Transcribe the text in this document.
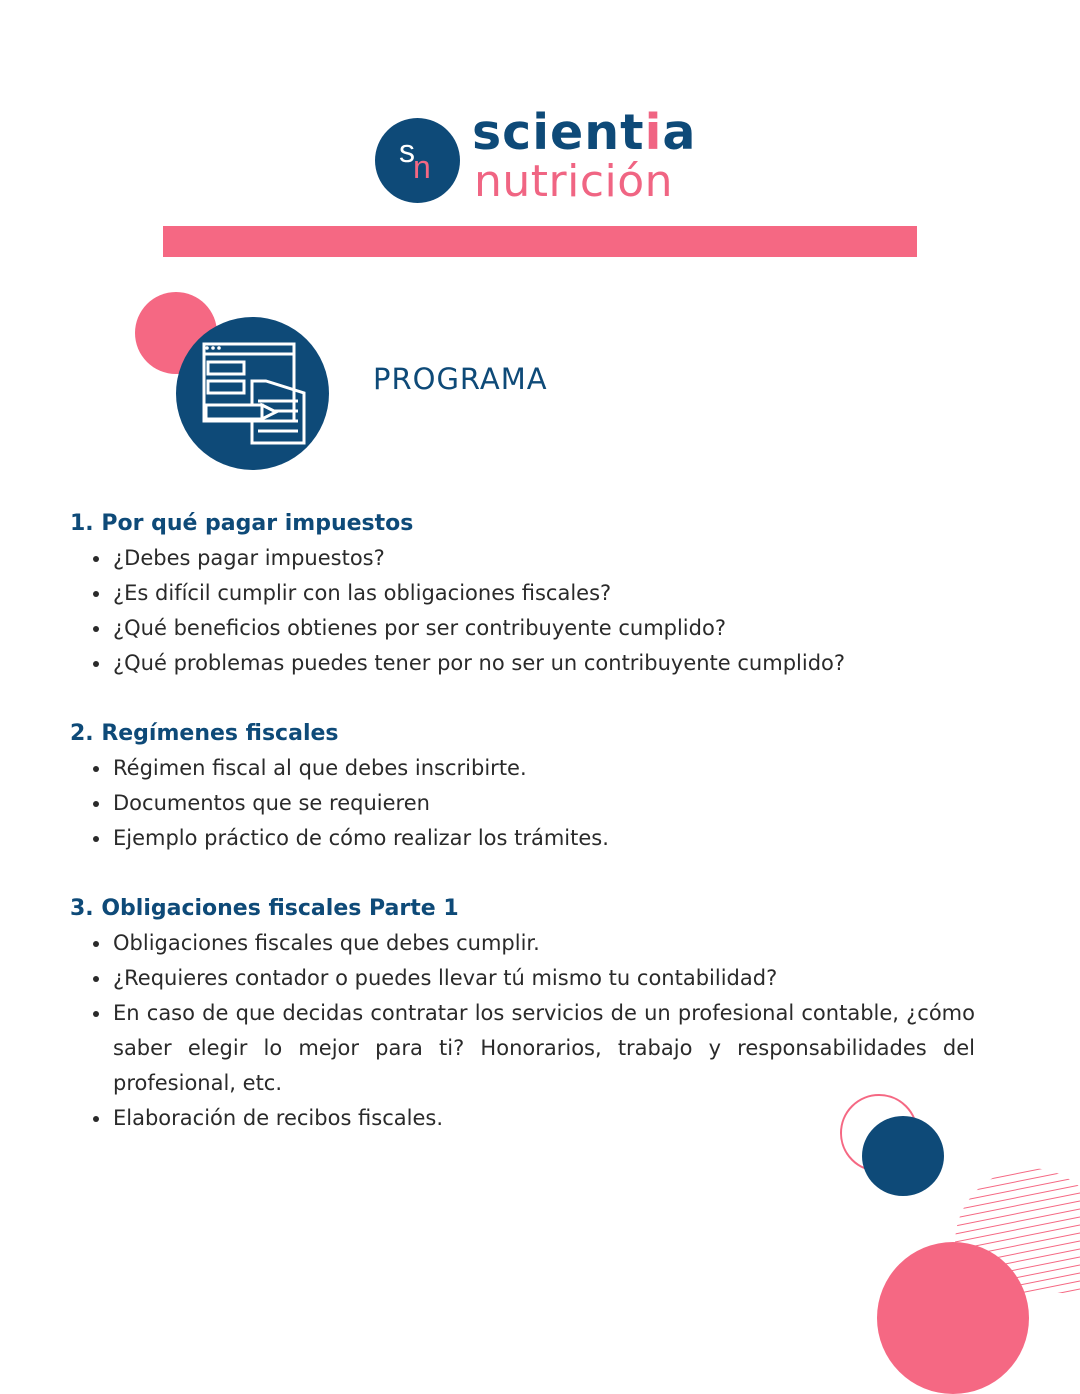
s
n
scientia
nutrición
PROGRAMA

1. Por qué pagar impuestos

¿Debes pagar impuestos?
¿Es difícil cumplir con las obligaciones fiscales?
¿Qué beneficios obtienes por ser contribuyente cumplido?
¿Qué problemas puedes tener por no ser un contribuyente cumplido?

2. Regímenes fiscales

Régimen fiscal al que debes inscribirte.
Documentos que se requieren
Ejemplo práctico de cómo realizar los trámites.

3. Obligaciones fiscales Parte 1

Obligaciones fiscales que debes cumplir.
¿Requieres contador o puedes llevar tú mismo tu contabilidad?
En caso de que decidas contratar los servicios de un profesional contable, ¿cómo saber elegir lo mejor para ti? Honorarios, trabajo y responsabilidades del profesional, etc.
Elaboración de recibos fiscales.
